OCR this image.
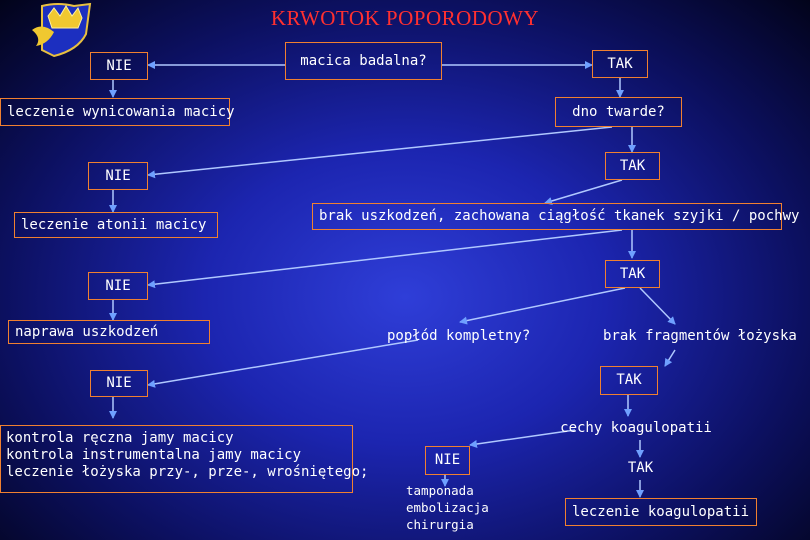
KRWOTOK POPORODOWY
NIE	macica badalna?	TAK
leczenie wynicowania macicy	dno twarde?
NIE
TAK
leczenie atonii macicy
brak uszkodzeń, zachowana ciągłość tkanek szyjki / pochwy
NIE
TAK
naprawa uszkodzeń	popłód kompletny?	brak fragmentów łożyska
NIE	TAK
kontrola ręczna jamy macicy
kontrola instrumentalna jamy macicy
leczenie łożyska przy-, prze-, wrośniętego;
cechy koagulopatii
NIE	TAK
tamponada
embolizacja
chirurgia
leczenie koagulopatii
